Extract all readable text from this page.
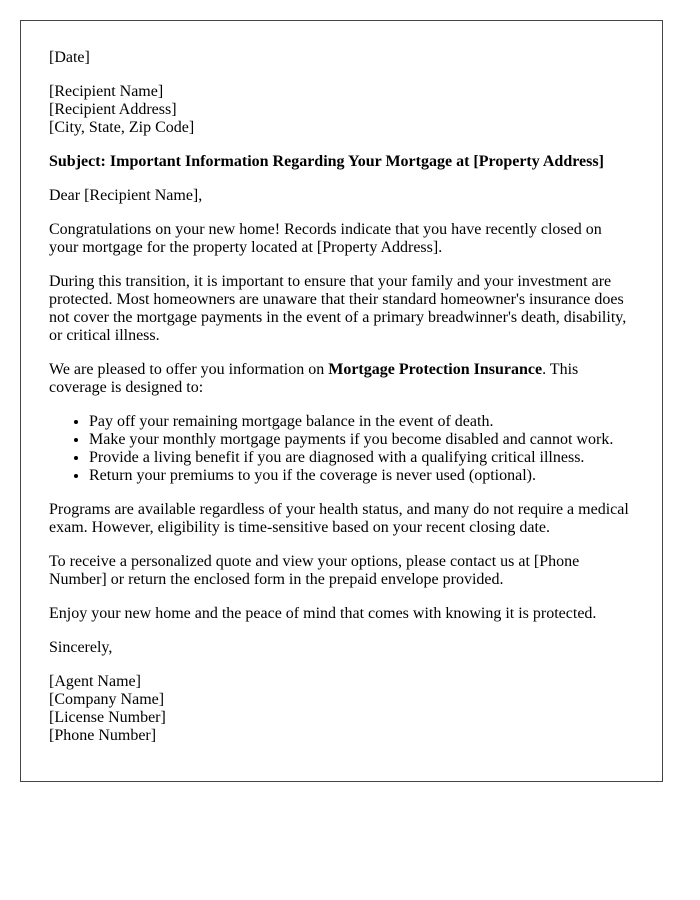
[Date]

[Recipient Name]
[Recipient Address]
[City, State, Zip Code]

Subject: Important Information Regarding Your Mortgage at [Property Address]

Dear [Recipient Name],

Congratulations on your new home! Records indicate that you have recently closed on your mortgage for the property located at [Property Address].

During this transition, it is important to ensure that your family and your investment are protected. Most homeowners are unaware that their standard homeowner's insurance does not cover the mortgage payments in the event of a primary breadwinner's death, disability, or critical illness.

We are pleased to offer you information on Mortgage Protection Insurance. This coverage is designed to:

• Pay off your remaining mortgage balance in the event of death.
• Make your monthly mortgage payments if you become disabled and cannot work.
• Provide a living benefit if you are diagnosed with a qualifying critical illness.
• Return your premiums to you if the coverage is never used (optional).

Programs are available regardless of your health status, and many do not require a medical exam. However, eligibility is time-sensitive based on your recent closing date.

To receive a personalized quote and view your options, please contact us at [Phone Number] or return the enclosed form in the prepaid envelope provided.

Enjoy your new home and the peace of mind that comes with knowing it is protected.

Sincerely,

[Agent Name]
[Company Name]
[License Number]
[Phone Number]
